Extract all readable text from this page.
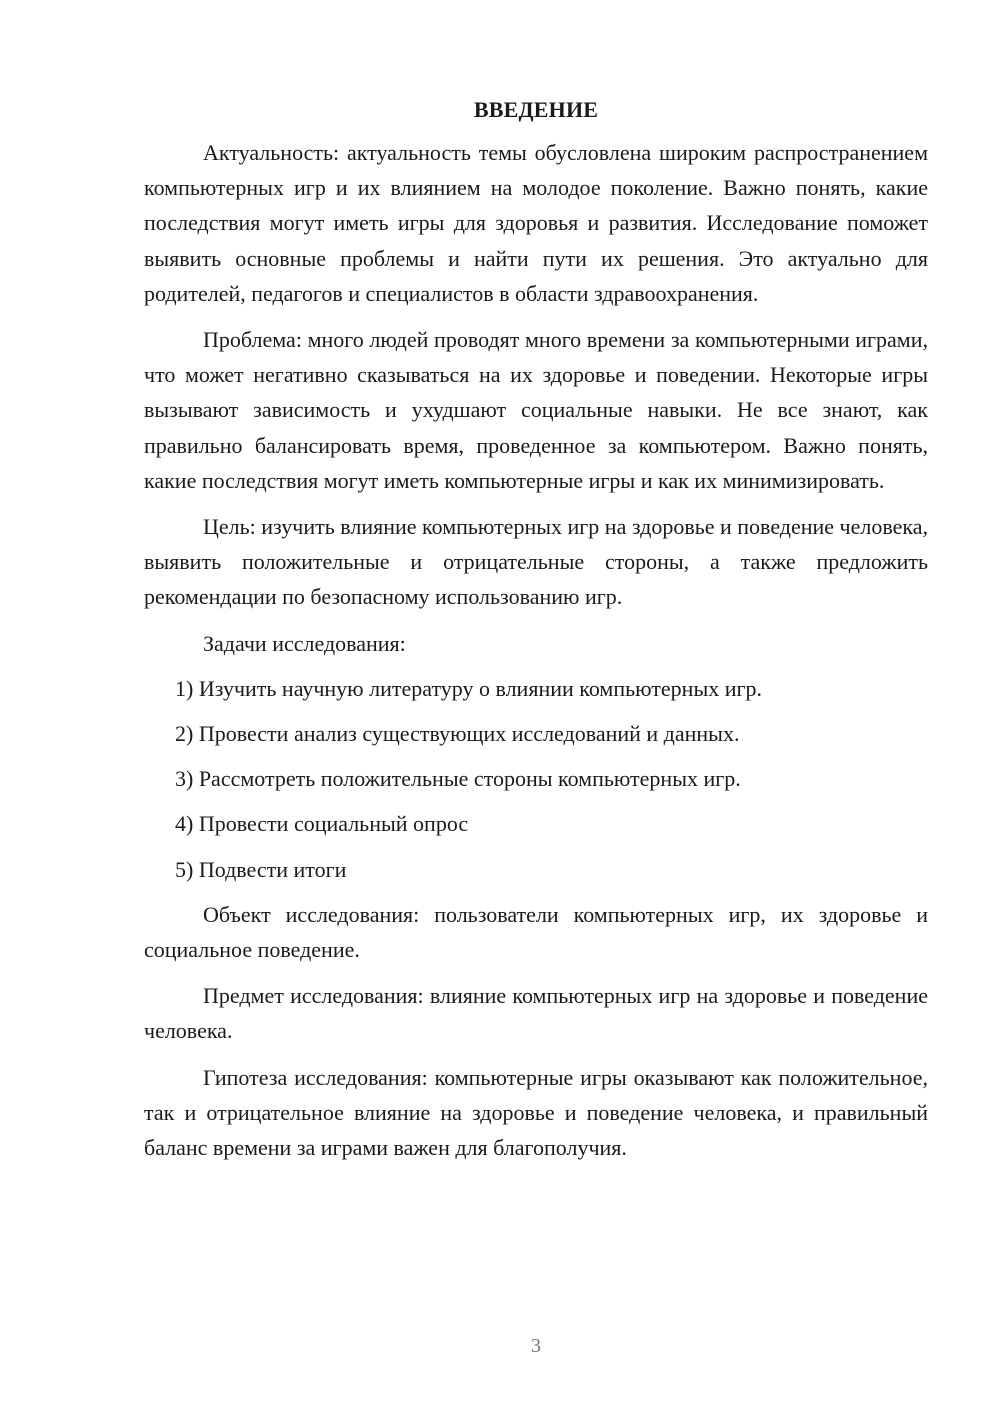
ВВЕДЕНИЕ

Актуальность: актуальность темы обусловлена широким распространением компьютерных игр и их влиянием на молодое поколение. Важно понять, какие последствия могут иметь игры для здоровья и развития. Исследование поможет выявить основные проблемы и найти пути их решения. Это актуально для родителей, педагогов и специалистов в области здравоохранения.

Проблема: много людей проводят много времени за компьютерными играми, что может негативно сказываться на их здоровье и поведении. Некоторые игры вызывают зависимость и ухудшают социальные навыки. Не все знают, как правильно балансировать время, проведенное за компьютером. Важно понять, какие последствия могут иметь компьютерные игры и как их минимизировать.

Цель: изучить влияние компьютерных игр на здоровье и поведение человека, выявить положительные и отрицательные стороны, а также предложить рекомендации по безопасному использованию игр.

Задачи исследования:

1) Изучить научную литературу о влиянии компьютерных игр.
2) Провести анализ существующих исследований и данных.
3) Рассмотреть положительные стороны компьютерных игр.
4) Провести социальный опрос
5) Подвести итоги

Объект исследования: пользователи компьютерных игр, их здоровье и социальное поведение.

Предмет исследования: влияние компьютерных игр на здоровье и поведение человека.

Гипотеза исследования: компьютерные игры оказывают как положительное, так и отрицательное влияние на здоровье и поведение человека, и правильный баланс времени за играми важен для благополучия.

3
